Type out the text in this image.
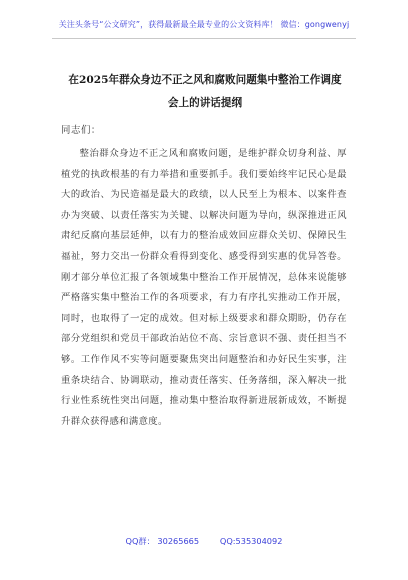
关注头条号“公文研究”，获得最新最全最专业的公文资料库！ 微信：gongwenyj
在2025年群众身边不正之风和腐败问题集中整治工作调度
会上的讲话提纲
同志们：

整治群众身边不正之风和腐败问题，是维护群众切身利益、厚植党的执政根基的有力举措和重要抓手。我们要始终牢记民心是最大的政治、为民造福是最大的政绩，以人民至上为根本、以案件查办为突破、以责任落实为关键、以解决问题为导向，纵深推进正风肃纪反腐向基层延伸，以有力的整治成效回应群众关切、保障民生福祉，努力交出一份群众看得到变化、感受得到实惠的优异答卷。刚才部分单位汇报了各领域集中整治工作开展情况，总体来说能够严格落实集中整治工作的各项要求，有力有序扎实推动工作开展，同时，也取得了一定的成效。但对标上级要求和群众期盼，仍存在部分党组织和党员干部政治站位不高、宗旨意识不强、责任担当不够。工作作风不实等问题要聚焦突出问题整治和办好民生实事，注重条块结合、协调联动，推动责任落实、任务落细，深入解决一批行业性系统性突出问题，推动集中整治取得新进展新成效，不断提升群众获得感和满意度。

QQ群： 30265665        QQ:535304092
